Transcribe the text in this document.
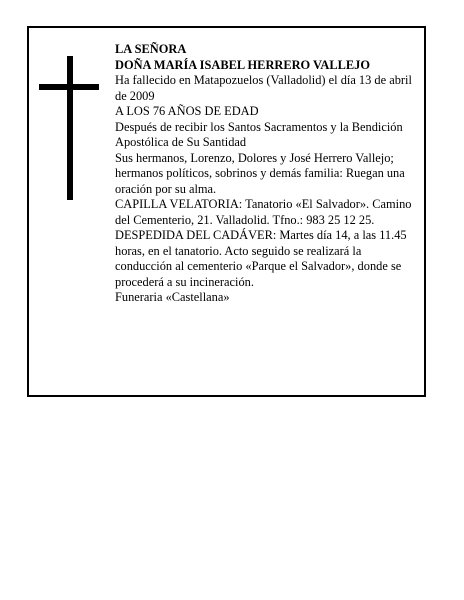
LA SEÑORA
DOÑA MARÍA ISABEL HERRERO VALLEJO
Ha fallecido en Matapozuelos (Valladolid) el día 13 de abril de 2009
A LOS 76 AÑOS DE EDAD
Después de recibir los Santos Sacramentos y la Bendición Apostólica de Su Santidad
Sus hermanos, Lorenzo, Dolores y José Herrero Vallejo; hermanos políticos, sobrinos y demás familia: Ruegan una oración por su alma.
CAPILLA VELATORIA: Tanatorio «El Salvador». Camino del Cementerio, 21. Valladolid. Tfno.: 983 25 12 25.
DESPEDIDA DEL CADÁVER: Martes día 14, a las 11.45 horas, en el tanatorio. Acto seguido se realizará la conducción al cementerio «Parque el Salvador», donde se procederá a su incineración.
Funeraria «Castellana»
